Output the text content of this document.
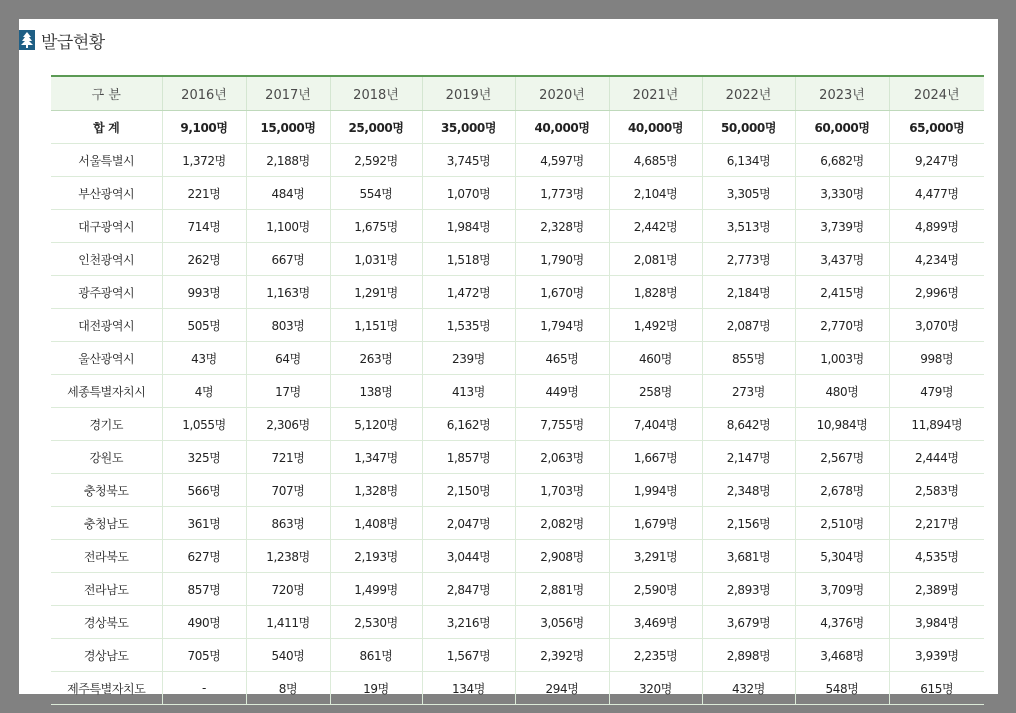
발급현황
구 분	2016년	2017년	2018년	2019년	2020년	2021년	2022년	2023년	2024년
합 계	9,100명	15,000명	25,000명	35,000명	40,000명	40,000명	50,000명	60,000명	65,000명
서울특별시	1,372명	2,188명	2,592명	3,745명	4,597명	4,685명	6,134명	6,682명	9,247명
부산광역시	221명	484명	554명	1,070명	1,773명	2,104명	3,305명	3,330명	4,477명
대구광역시	714명	1,100명	1,675명	1,984명	2,328명	2,442명	3,513명	3,739명	4,899명
인천광역시	262명	667명	1,031명	1,518명	1,790명	2,081명	2,773명	3,437명	4,234명
광주광역시	993명	1,163명	1,291명	1,472명	1,670명	1,828명	2,184명	2,415명	2,996명
대전광역시	505명	803명	1,151명	1,535명	1,794명	1,492명	2,087명	2,770명	3,070명
울산광역시	43명	64명	263명	239명	465명	460명	855명	1,003명	998명
세종특별자치시	4명	17명	138명	413명	449명	258명	273명	480명	479명
경기도	1,055명	2,306명	5,120명	6,162명	7,755명	7,404명	8,642명	10,984명	11,894명
강원도	325명	721명	1,347명	1,857명	2,063명	1,667명	2,147명	2,567명	2,444명
충청북도	566명	707명	1,328명	2,150명	1,703명	1,994명	2,348명	2,678명	2,583명
충청남도	361명	863명	1,408명	2,047명	2,082명	1,679명	2,156명	2,510명	2,217명
전라북도	627명	1,238명	2,193명	3,044명	2,908명	3,291명	3,681명	5,304명	4,535명
전라남도	857명	720명	1,499명	2,847명	2,881명	2,590명	2,893명	3,709명	2,389명
경상북도	490명	1,411명	2,530명	3,216명	3,056명	3,469명	3,679명	4,376명	3,984명
경상남도	705명	540명	861명	1,567명	2,392명	2,235명	2,898명	3,468명	3,939명
제주특별자치도	-	8명	19명	134명	294명	320명	432명	548명	615명
